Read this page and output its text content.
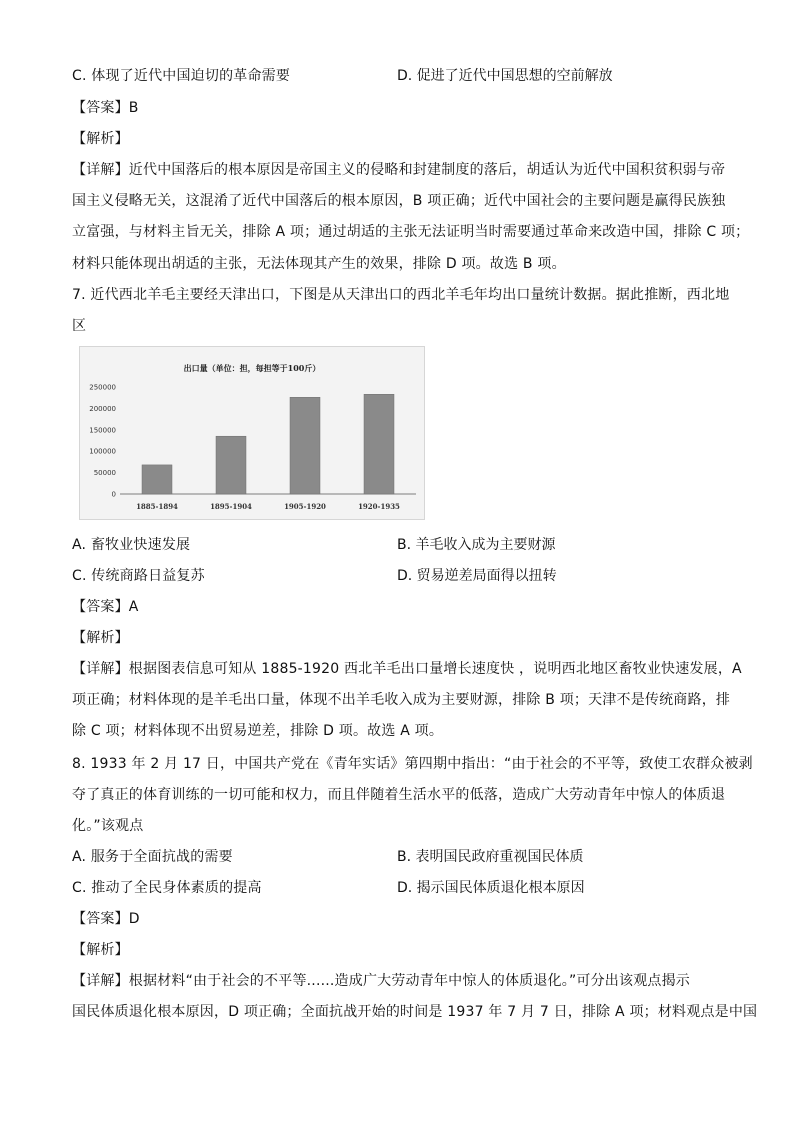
C. 体现了近代中国迫切的革命需要	D. 促进了近代中国思想的空前解放
【答案】B
【解析】
【详解】近代中国落后的根本原因是帝国主义的侵略和封建制度的落后，胡适认为近代中国积贫积弱与帝
国主义侵略无关，这混淆了近代中国落后的根本原因，B 项正确；近代中国社会的主要问题是赢得民族独
立富强，与材料主旨无关，排除 A 项；通过胡适的主张无法证明当时需要通过革命来改造中国，排除 C 项；
材料只能体现出胡适的主张，无法体现其产生的效果，排除 D 项。故选 B 项。
7. 近代西北羊毛主要经天津出口，下图是从天津出口的西北羊毛年均出口量统计数据。据此推断，西北地
区
出口量（单位：担，每担等于100斤）
250000
200000
150000
100000
50000
0
1885-1894	1895-1904	1905-1920	1920-1935
A. 畜牧业快速发展	B. 羊毛收入成为主要财源
C. 传统商路日益复苏	D. 贸易逆差局面得以扭转
【答案】A
【解析】
【详解】根据图表信息可知从 1885-1920 西北羊毛出口量增长速度快 ，说明西北地区畜牧业快速发展，A
项正确；材料体现的是羊毛出口量，体现不出羊毛收入成为主要财源，排除 B 项；天津不是传统商路，排
除 C 项；材料体现不出贸易逆差，排除 D 项。故选 A 项。
8. 1933 年 2 月 17 日，中国共产党在《青年实话》第四期中指出：“由于社会的不平等，致使工农群众被剥
夺了真正的体育训练的一切可能和权力，而且伴随着生活水平的低落，造成广大劳动青年中惊人的体质退
化。”该观点
A. 服务于全面抗战的需要	B. 表明国民政府重视国民体质
C. 推动了全民身体素质的提高	D. 揭示国民体质退化根本原因
【答案】D
【解析】
【详解】根据材料“由于社会的不平等......造成广大劳动青年中惊人的体质退化。”可分出该观点揭示
国民体质退化根本原因，D 项正确；全面抗战开始的时间是 1937 年 7 月 7 日，排除 A 项；材料观点是中国
